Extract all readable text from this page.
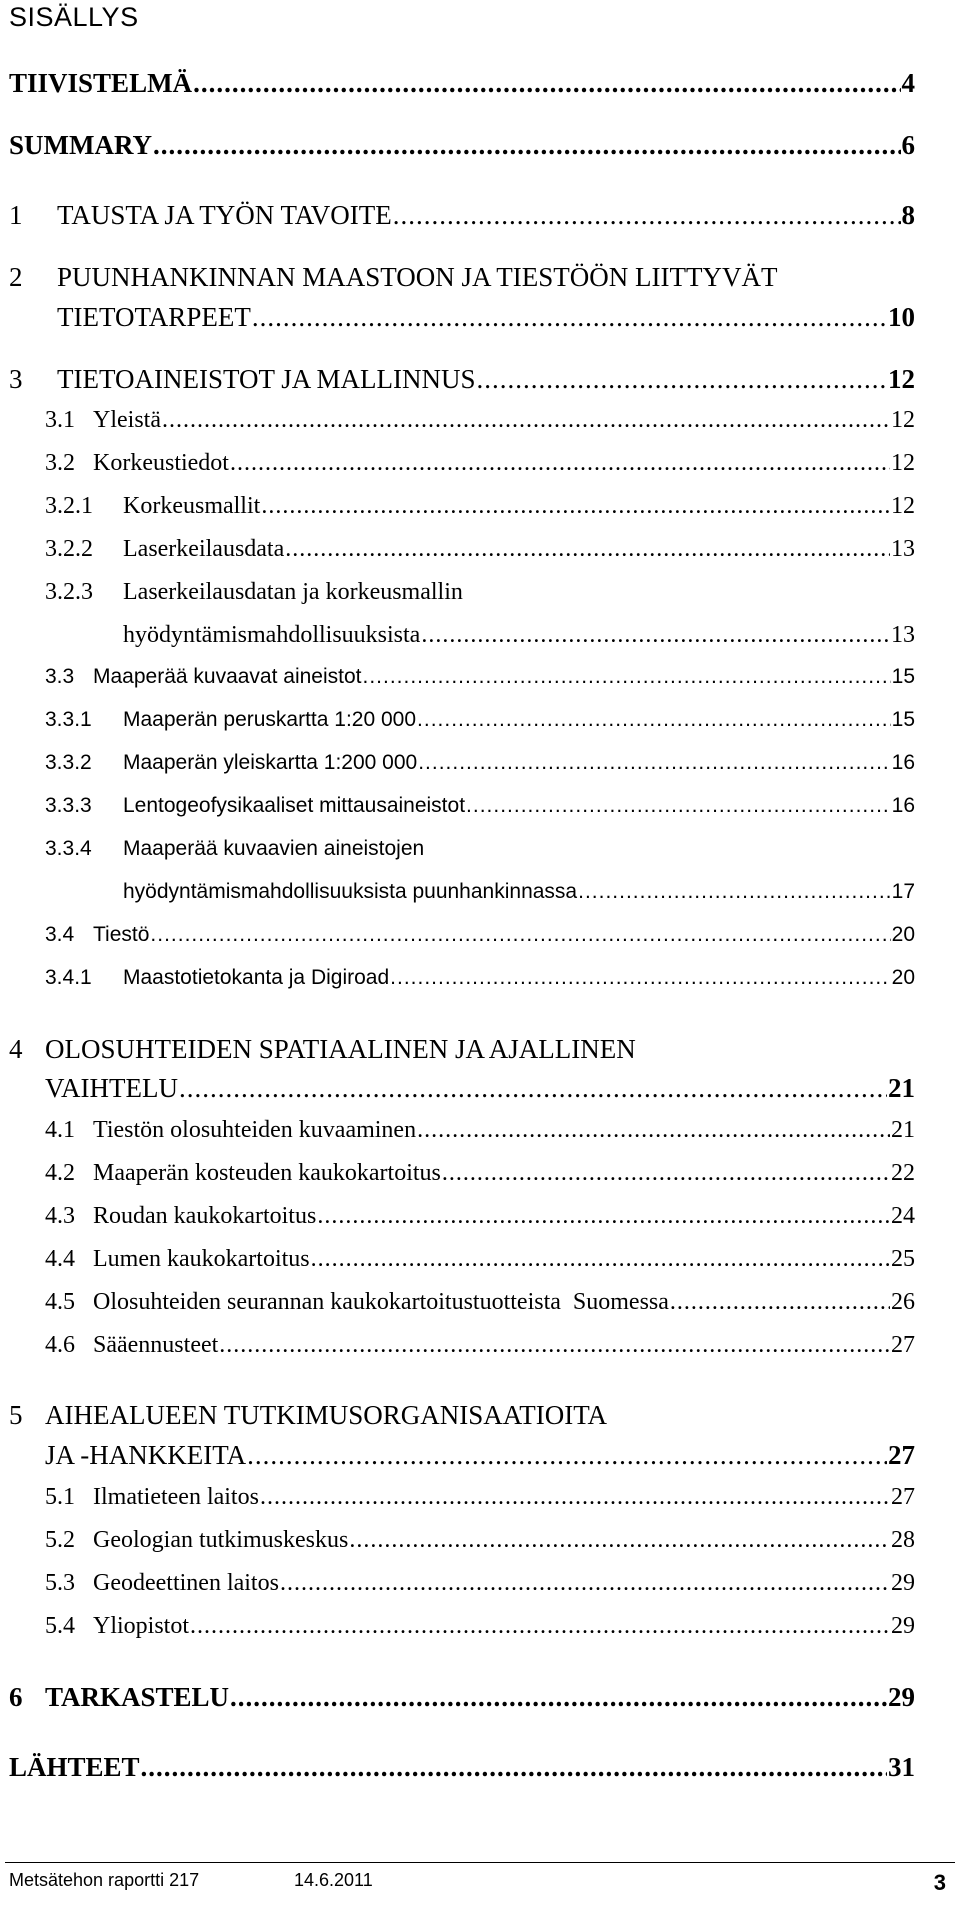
SISÄLLYS
TIIVISTELMÄ .....	4
SUMMARY .....	6
1	TAUSTA JA TYÖN TAVOITE .....	8
2 PUUNHANKINNAN MAASTOON JA TIESTÖÖN LIITTYVÄT
TIETOTARPEET .....	10
3	TIETOAINEISTOT JA MALLINNUS .....	12
3.1 Yleistä .....	12
3.2 Korkeustiedot .....	12
3.2.1	Korkeusmallit .....	12
3.2.2	Laserkeilausdata .....	13
3.2.3 Laserkeilausdatan ja korkeusmallin
hyödyntämismahdollisuuksista .....	13
3.3 Maaperää kuvaavat aineistot .....	15
3.3.1	Maaperän peruskartta 1:20 000 .....	15
3.3.2	Maaperän yleiskartta 1:200 000 .....	16
3.3.3	Lentogeofysikaaliset mittausaineistot .....	16
3.3.4 Maaperää kuvaavien aineistojen
hyödyntämismahdollisuuksista puunhankinnassa .....	17
3.4 Tiestö .....	20
3.4.1	Maastotietokanta ja Digiroad .....	20
4 OLOSUHTEIDEN SPATIAALINEN JA AJALLINEN
VAIHTELU .....	21
4.1 Tiestön olosuhteiden kuvaaminen .....	21
4.2 Maaperän kosteuden kaukokartoitus .....	22
4.3 Roudan kaukokartoitus .....	24
4.4 Lumen kaukokartoitus .....	25
4.5 Olosuhteiden seurannan kaukokartoitustuotteista  Suomessa .....	26
4.6 Sääennusteet .....	27
5 AIHEALUEEN TUTKIMUSORGANISAATIOITA
JA -HANKKEITA .....	27
5.1 Ilmatieteen laitos .....	27
5.2 Geologian tutkimuskeskus .....	28
5.3 Geodeettinen laitos .....	29
5.4 Yliopistot .....	29
6 TARKASTELU .....	29
LÄHTEET .....	31
Metsätehon raportti 217	14.6.2011	3
